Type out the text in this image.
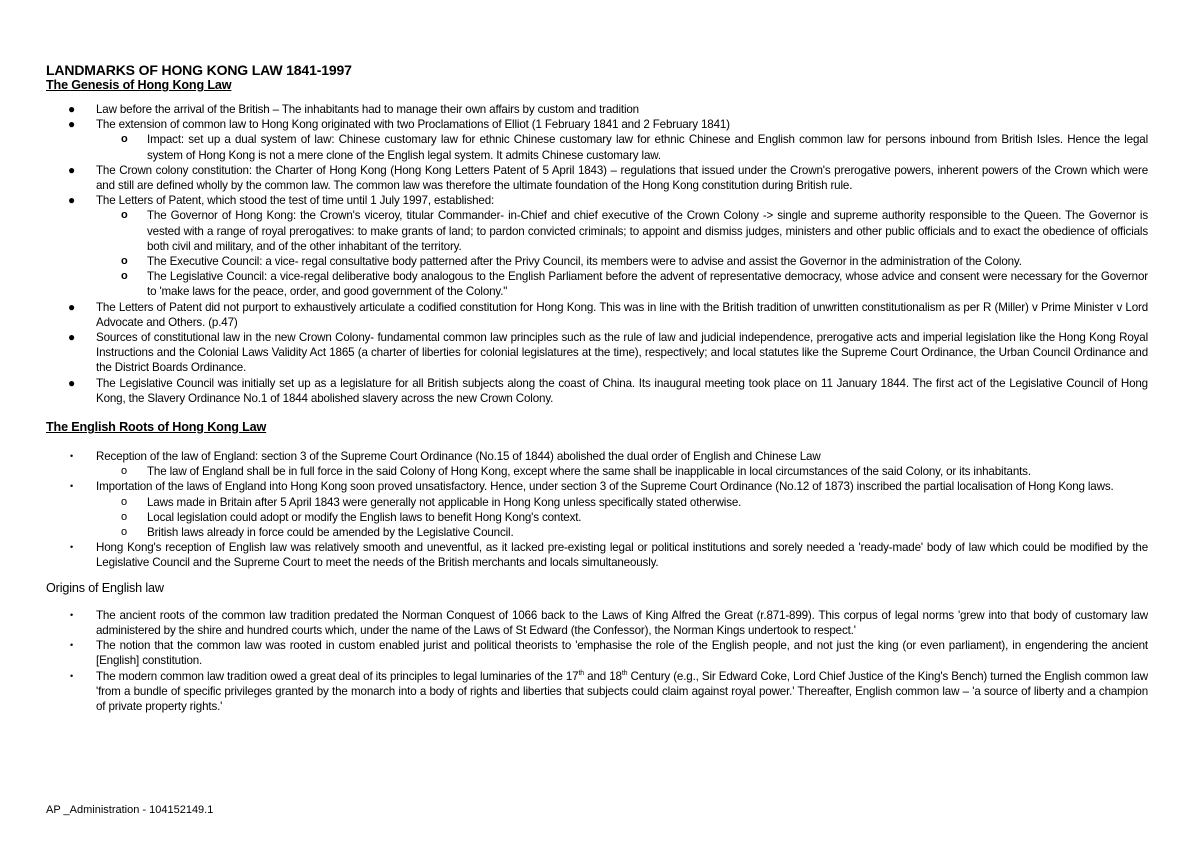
LANDMARKS OF HONG KONG LAW 1841-1997
The Genesis of Hong Kong Law
● Law before the arrival of the British – The inhabitants had to manage their own affairs by custom and tradition
● The extension of common law to Hong Kong originated with two Proclamations of Elliot (1 February 1841 and 2 February 1841)
o Impact: set up a dual system of law: Chinese customary law for ethnic Chinese customary law for ethnic Chinese and English common law for persons inbound from British Isles. Hence the legal system of Hong Kong is not a mere clone of the English legal system. It admits Chinese customary law.
● The Crown colony constitution: the Charter of Hong Kong (Hong Kong Letters Patent of 5 April 1843) – regulations that issued under the Crown's prerogative powers, inherent powers of the Crown which were and still are defined wholly by the common law. The common law was therefore the ultimate foundation of the Hong Kong constitution during British rule.
● The Letters of Patent, which stood the test of time until 1 July 1997, established:
o The Governor of Hong Kong: the Crown's viceroy, titular Commander- in-Chief and chief executive of the Crown Colony -> single and supreme authority responsible to the Queen. The Governor is vested with a range of royal prerogatives: to make grants of land; to pardon convicted criminals; to appoint and dismiss judges, ministers and other public officials and to exact the obedience of officials both civil and military, and of the other inhabitant of the territory.
o The Executive Council: a vice- regal consultative body patterned after the Privy Council, its members were to advise and assist the Governor in the administration of the Colony.
o The Legislative Council: a vice-regal deliberative body analogous to the English Parliament before the advent of representative democracy, whose advice and consent were necessary for the Governor to 'make laws for the peace, order, and good government of the Colony."
● The Letters of Patent did not purport to exhaustively articulate a codified constitution for Hong Kong. This was in line with the British tradition of unwritten constitutionalism as per R (Miller) v Prime Minister v Lord Advocate and Others. (p.47)
● Sources of constitutional law in the new Crown Colony- fundamental common law principles such as the rule of law and judicial independence, prerogative acts and imperial legislation like the Hong Kong Royal Instructions and the Colonial Laws Validity Act 1865 (a charter of liberties for colonial legislatures at the time), respectively; and local statutes like the Supreme Court Ordinance, the Urban Council Ordinance and the District Boards Ordinance.
● The Legislative Council was initially set up as a legislature for all British subjects along the coast of China. Its inaugural meeting took place on 11 January 1844. The first act of the Legislative Council of Hong Kong, the Slavery Ordinance No.1 of 1844 abolished slavery across the new Crown Colony.
The English Roots of Hong Kong Law
• Reception of the law of England: section 3 of the Supreme Court Ordinance (No.15 of 1844) abolished the dual order of English and Chinese Law
o The law of England shall be in full force in the said Colony of Hong Kong, except where the same shall be inapplicable in local circumstances of the said Colony, or its inhabitants.
• Importation of the laws of England into Hong Kong soon proved unsatisfactory. Hence, under section 3 of the Supreme Court Ordinance (No.12 of 1873) inscribed the partial localisation of Hong Kong laws.
o Laws made in Britain after 5 April 1843 were generally not applicable in Hong Kong unless specifically stated otherwise.
o Local legislation could adopt or modify the English laws to benefit Hong Kong's context.
o British laws already in force could be amended by the Legislative Council.
• Hong Kong's reception of English law was relatively smooth and uneventful, as it lacked pre-existing legal or political institutions and sorely needed a 'ready-made' body of law which could be modified by the Legislative Council and the Supreme Court to meet the needs of the British merchants and locals simultaneously.
Origins of English law
• The ancient roots of the common law tradition predated the Norman Conquest of 1066 back to the Laws of King Alfred the Great (r.871-899). This corpus of legal norms 'grew into that body of customary law administered by the shire and hundred courts which, under the name of the Laws of St Edward (the Confessor), the Norman Kings undertook to respect.'
• The notion that the common law was rooted in custom enabled jurist and political theorists to 'emphasise the role of the English people, and not just the king (or even parliament), in engendering the ancient [English] constitution.
• The modern common law tradition owed a great deal of its principles to legal luminaries of the 17th and 18th Century (e.g., Sir Edward Coke, Lord Chief Justice of the King's Bench) turned the English common law 'from a bundle of specific privileges granted by the monarch into a body of rights and liberties that subjects could claim against royal power.' Thereafter, English common law – 'a source of liberty and a champion of private property rights.'
AP _Administration - 104152149.1
